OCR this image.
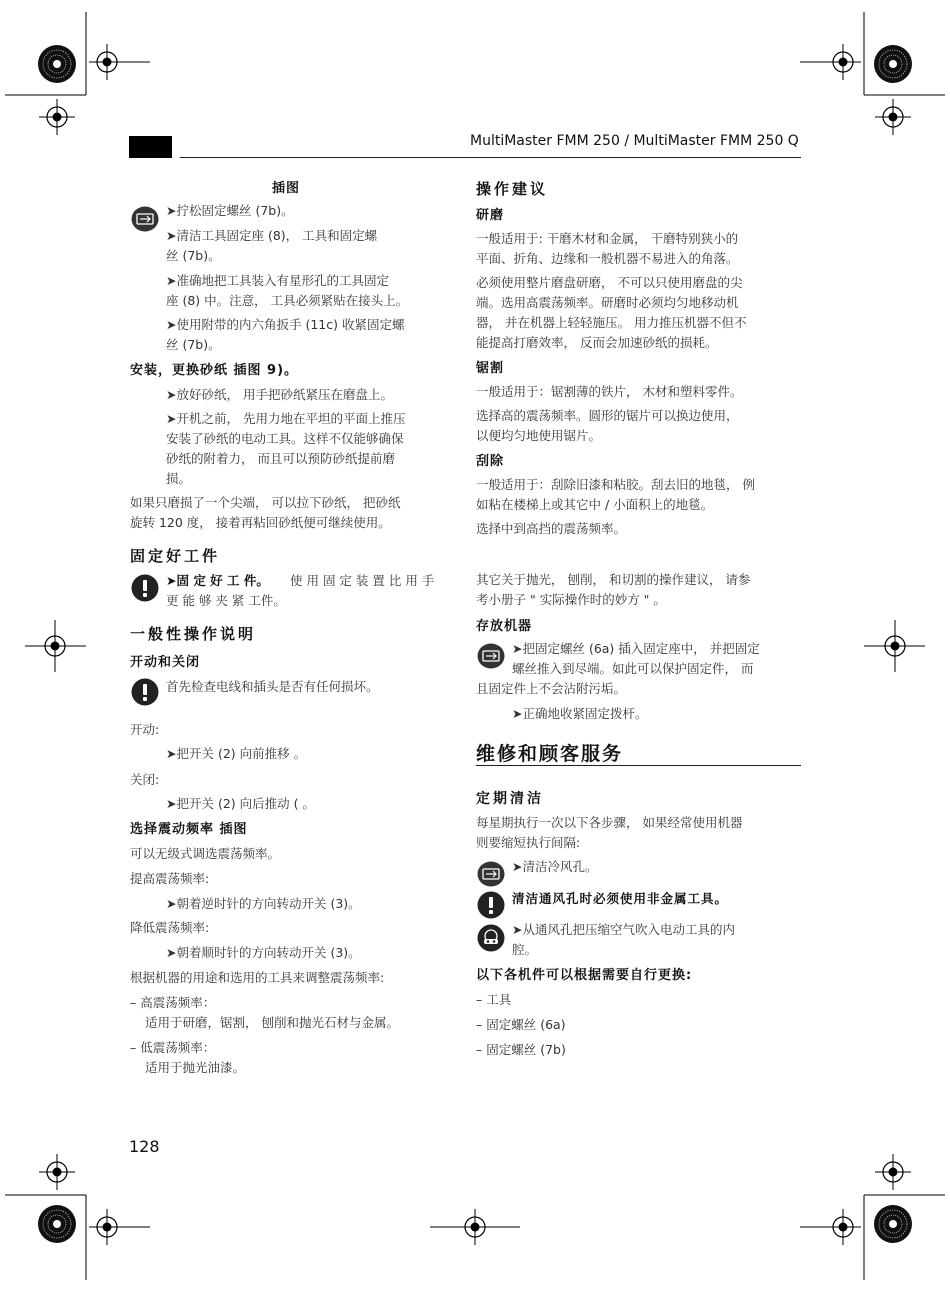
MultiMaster FMM 250 / MultiMaster FMM 250 Q
插图
➤拧松固定螺丝 (7b)。
➤清洁工具固定座 (8)， 工具和固定螺
丝 (7b)。
➤准确地把工具装入有星形孔的工具固定
座 (8) 中。注意， 工具必须紧贴在接头上。
➤使用附带的内六角扳手 (11c) 收紧固定螺
丝 (7b)。
安装，更换砂纸 插图 9)。
➤放好砂纸， 用手把砂纸紧压在磨盘上。
➤开机之前， 先用力地在平坦的平面上推压
安装了砂纸的电动工具。这样不仅能够确保
砂纸的附着力， 而且可以预防砂纸提前磨
损。
如果只磨损了一个尖端， 可以拉下砂纸， 把砂纸
旋转 120 度， 接着再粘回砂纸便可继续使用。
固定好工件
➤固 定 好 工 件。 使 用 固 定 装 置 比 用 手
更 能 够 夹 紧 工件。
一般性操作说明
开动和关闭
首先检查电线和插头是否有任何损坏。
开动:
➤把开关 (2) 向前推移 。
关闭:
➤把开关 (2) 向后推动 ( 。
选择震动频率 插图
可以无级式调选震荡频率。
提高震荡频率:
➤朝着逆时针的方向转动开关 (3)。
降低震荡频率:
➤朝着顺时针的方向转动开关 (3)。
根据机器的用途和选用的工具来调整震荡频率:
– 高震荡频率：
适用于研磨，锯割， 刨削和抛光石材与金属。
– 低震荡频率：
适用于抛光油漆。
128
操作建议
研磨
一般适用于: 干磨木材和金属， 干磨特别狭小的
平面、折角、边缘和一般机器不易进入的角落。
必须使用整片磨盘研磨， 不可以只使用磨盘的尖
端。选用高震荡频率。研磨时必须均匀地移动机
器， 并在机器上轻轻施压。 用力推压机器不但不
能提高打磨效率， 反而会加速砂纸的损耗。
锯割
一般适用于：锯割薄的铁片， 木材和塑料零件。
选择高的震荡频率。圆形的锯片可以换边使用，
以便均匀地使用锯片。
刮除
一般适用于：刮除旧漆和粘胶。刮去旧的地毯， 例
如粘在楼梯上或其它中 / 小面积上的地毯。
选择中到高挡的震荡频率。
其它关于抛光， 刨削， 和切割的操作建议， 请参
考小册子 " 实际操作时的妙方 " 。
存放机器
➤把固定螺丝 (6a) 插入固定座中， 并把固定
螺丝推入到尽端。如此可以保护固定件， 而
且固定件上不会沾附污垢。
➤正确地收紧固定拨杆。
维修和顾客服务
定期清洁
每星期执行一次以下各步骤， 如果经常使用机器
则要缩短执行间隔:
➤清洁冷风孔。
清洁通风孔时必须使用非金属工具。
➤从通风孔把压缩空气吹入电动工具的内
腔。
以下各机件可以根据需要自行更换:
– 工具
– 固定螺丝 (6a)
– 固定螺丝 (7b)
